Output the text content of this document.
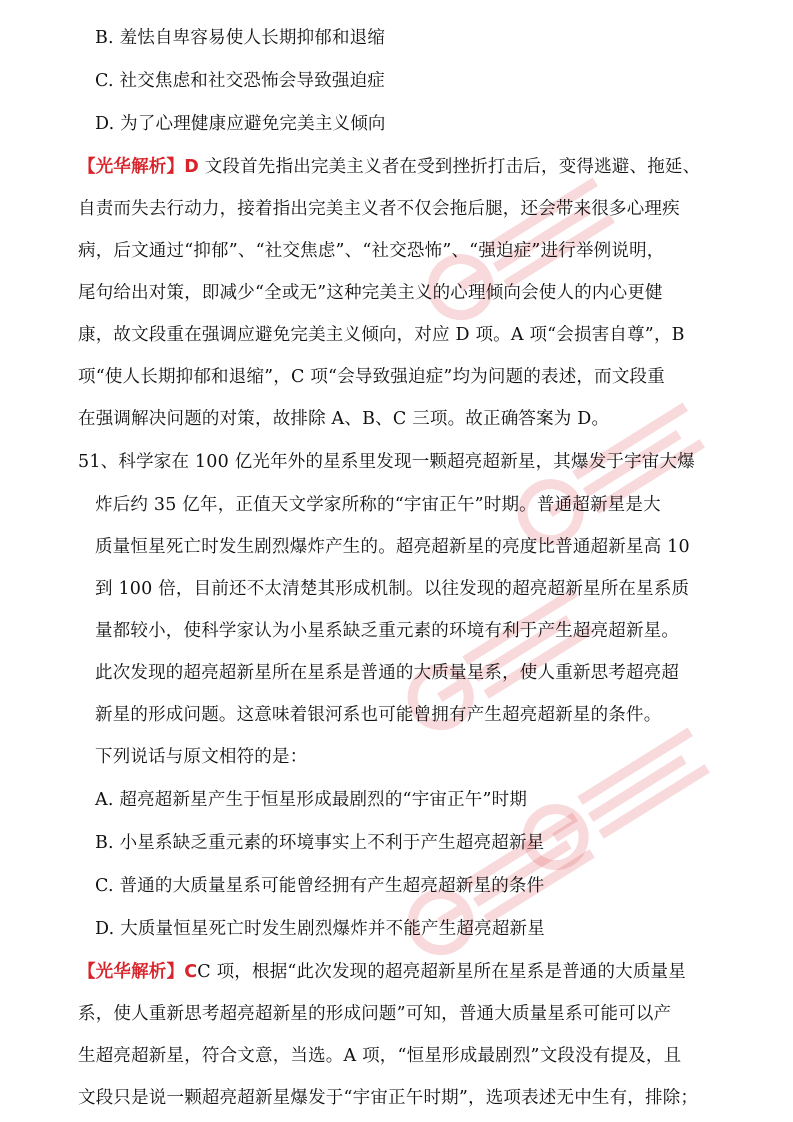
B. 羞怯自卑容易使人长期抑郁和退缩
C. 社交焦虑和社交恐怖会导致强迫症
D. 为了心理健康应避免完美主义倾向
【光华解析】D 文段首先指出完美主义者在受到挫折打击后，变得逃避、拖延、
自责而失去行动力，接着指出完美主义者不仅会拖后腿，还会带来很多心理疾
病，后文通过“抑郁”、“社交焦虑”、“社交恐怖”、“强迫症”进行举例说明，
尾句给出对策，即减少“全或无”这种完美主义的心理倾向会使人的内心更健
康，故文段重在强调应避免完美主义倾向，对应 D 项。A 项“会损害自尊”，B
项“使人长期抑郁和退缩”，C 项“会导致强迫症”均为问题的表述，而文段重
在强调解决问题的对策，故排除 A、B、C 三项。故正确答案为 D。
51、科学家在 100 亿光年外的星系里发现一颗超亮超新星，其爆发于宇宙大爆
炸后约 35 亿年，正值天文学家所称的“宇宙正午”时期。普通超新星是大
质量恒星死亡时发生剧烈爆炸产生的。超亮超新星的亮度比普通超新星高 10
到 100 倍，目前还不太清楚其形成机制。以往发现的超亮超新星所在星系质
量都较小，使科学家认为小星系缺乏重元素的环境有利于产生超亮超新星。
此次发现的超亮超新星所在星系是普通的大质量星系，使人重新思考超亮超
新星的形成问题。这意味着银河系也可能曾拥有产生超亮超新星的条件。
下列说话与原文相符的是：
A. 超亮超新星产生于恒星形成最剧烈的“宇宙正午”时期
B. 小星系缺乏重元素的环境事实上不利于产生超亮超新星
C. 普通的大质量星系可能曾经拥有产生超亮超新星的条件
D. 大质量恒星死亡时发生剧烈爆炸并不能产生超亮超新星
【光华解析】CC 项，根据“此次发现的超亮超新星所在星系是普通的大质量星
系，使人重新思考超亮超新星的形成问题”可知，普通大质量星系可能可以产
生超亮超新星，符合文意，当选。A 项，“恒星形成最剧烈”文段没有提及，且
文段只是说一颗超亮超新星爆发于“宇宙正午时期”，选项表述无中生有，排除；
